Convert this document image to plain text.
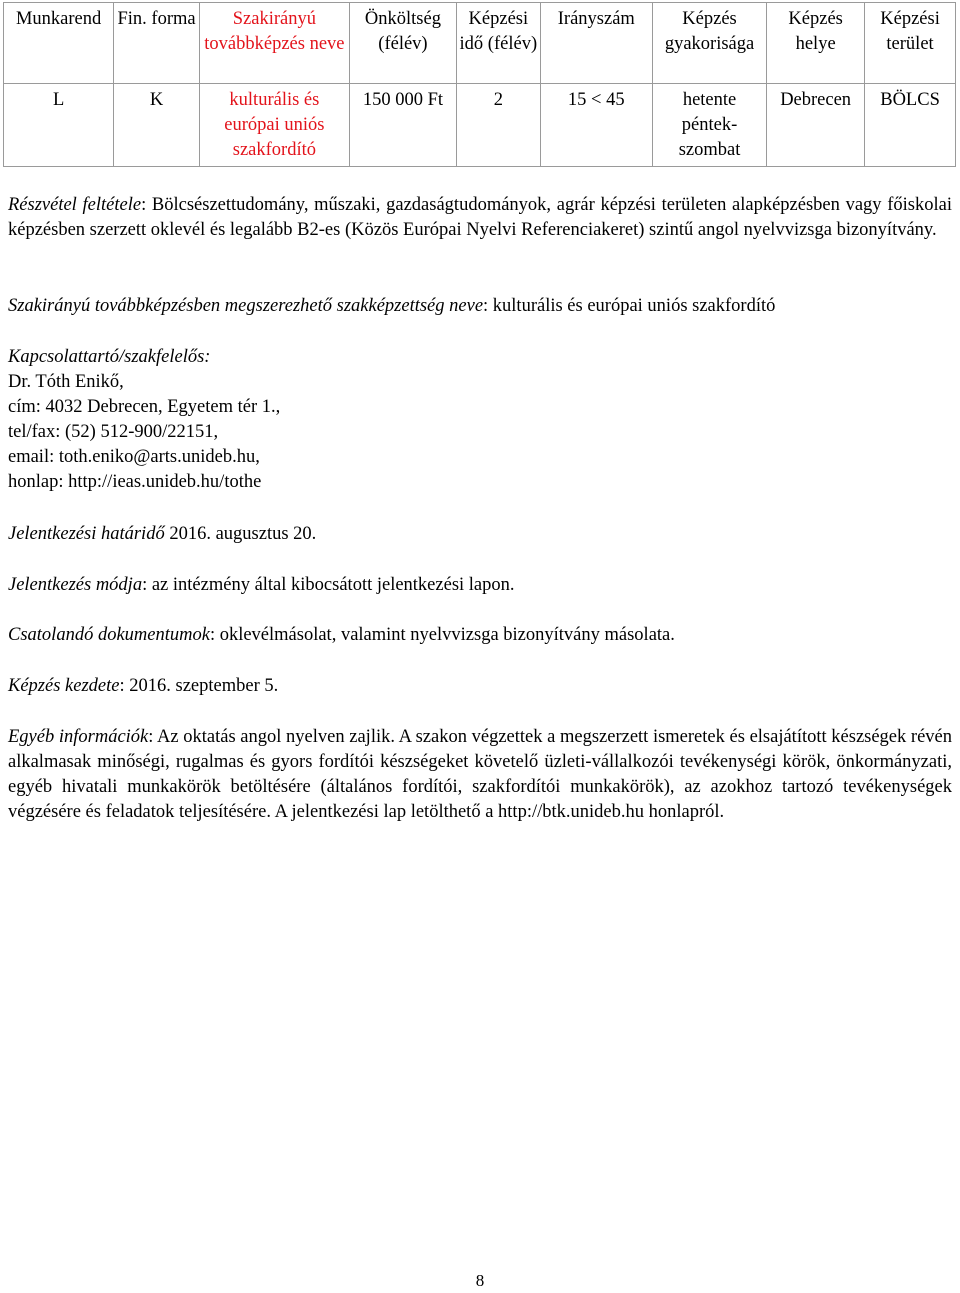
Munkarend	Fin. forma	Szakirányú továbbképzés neve	Önköltség (félév)	Képzési idő (félév)	Irányszám	Képzés gyakorisága	Képzés helye	Képzési terület
L	K	kulturális és európai uniós szakfordító	150 000 Ft	2	15 < 45	hetente péntek-szombat	Debrecen	BÖLCS
Részvétel feltétele: Bölcsészettudomány, műszaki, gazdaságtudományok, agrár képzési területen alapképzésben vagy főiskolai képzésben szerzett oklevél és legalább B2-es (Közös Európai Nyelvi Referenciakeret) szintű angol nyelvvizsga bizonyítvány.
Szakirányú továbbképzésben megszerezhető szakképzettség neve: kulturális és európai uniós szakfordító
Kapcsolattartó/szakfelelős:
Dr. Tóth Enikő,
cím: 4032 Debrecen, Egyetem tér 1.,
tel/fax: (52) 512-900/22151,
email: toth.eniko@arts.unideb.hu,
honlap: http://ieas.unideb.hu/tothe
Jelentkezési határidő 2016. augusztus 20.
Jelentkezés módja: az intézmény által kibocsátott jelentkezési lapon.
Csatolandó dokumentumok: oklevélmásolat, valamint nyelvvizsga bizonyítvány másolata.
Képzés kezdete: 2016. szeptember 5.
Egyéb információk: Az oktatás angol nyelven zajlik. A szakon végzettek a megszerzett ismeretek és elsajátított készségek révén alkalmasak minőségi, rugalmas és gyors fordítói készségeket követelő üzleti-vállalkozói tevékenységi körök, önkormányzati, egyéb hivatali munkakörök betöltésére (általános fordítói, szakfordítói munkakörök), az azokhoz tartozó tevékenységek végzésére és feladatok teljesítésére. A jelentkezési lap letölthető a http://btk.unideb.hu honlapról.
8
